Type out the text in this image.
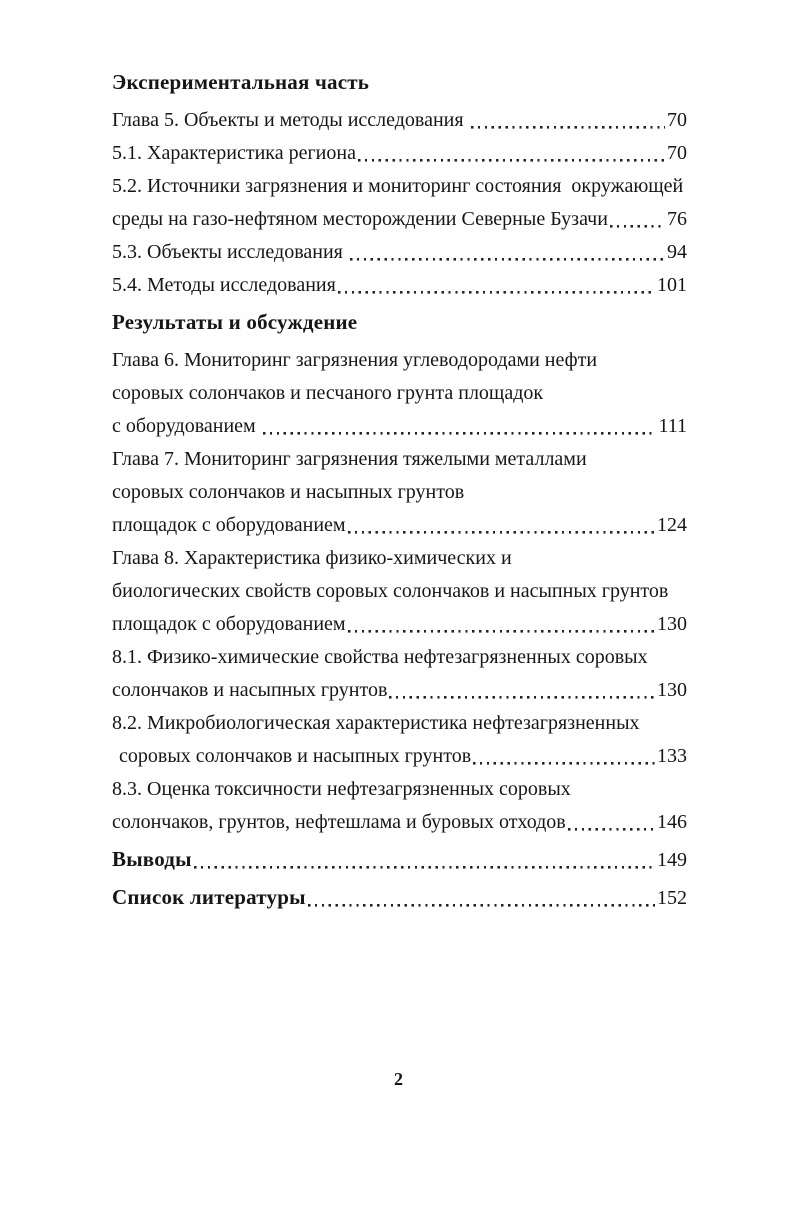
Экспериментальная часть
Глава 5. Объекты и методы исследования	70
5.1. Характеристика региона	70
5.2. Источники загрязнения и мониторинг состояния  окружающей
среды на газо-нефтяном месторождении Северные Бузачи	76
5.3. Объекты исследования	94
5.4. Методы исследования	101
Результаты и обсуждение
Глава 6. Мониторинг загрязнения углеводородами нефти
соровых солончаков и песчаного грунта площадок
с оборудованием	111
Глава 7. Мониторинг загрязнения тяжелыми металлами
соровых солончаков и насыпных грунтов
площадок с оборудованием	124
Глава 8. Характеристика физико-химических и
биологических свойств соровых солончаков и насыпных грунтов
площадок с оборудованием	130
8.1. Физико-химические свойства нефтезагрязненных соровых
солончаков и насыпных грунтов	130
8.2. Микробиологическая характеристика нефтезагрязненных
соровых солончаков и насыпных грунтов	133
8.3. Оценка токсичности нефтезагрязненных соровых
солончаков, грунтов, нефтешлама и буровых отходов	146
Выводы	149
Список литературы	152
2
